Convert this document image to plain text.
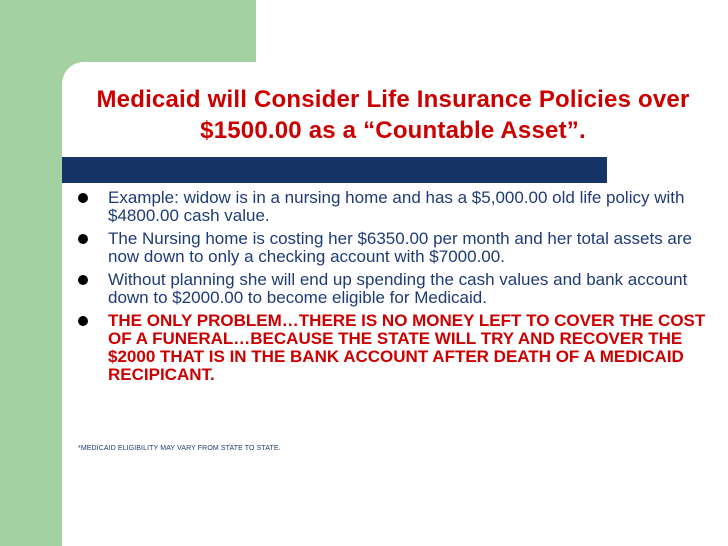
Medicaid will Consider Life Insurance Policies over $1500.00 as a “Countable Asset”.
Example: widow is in a nursing home and has a $5,000.00 old life policy with $4800.00 cash value.
The Nursing home is costing her $6350.00 per month and her total assets are now down to only a checking account with $7000.00.
Without planning she will end up spending the cash values and bank account down to $2000.00 to become eligible for Medicaid.
THE ONLY PROBLEM…THERE IS NO MONEY LEFT TO COVER THE COST OF A FUNERAL…BECAUSE THE STATE WILL TRY AND RECOVER THE $2000 THAT IS IN THE BANK ACCOUNT AFTER DEATH OF A MEDICAID RECIPICANT.

*MEDICAID ELIGIBILITY MAY VARY FROM STATE TO STATE.
